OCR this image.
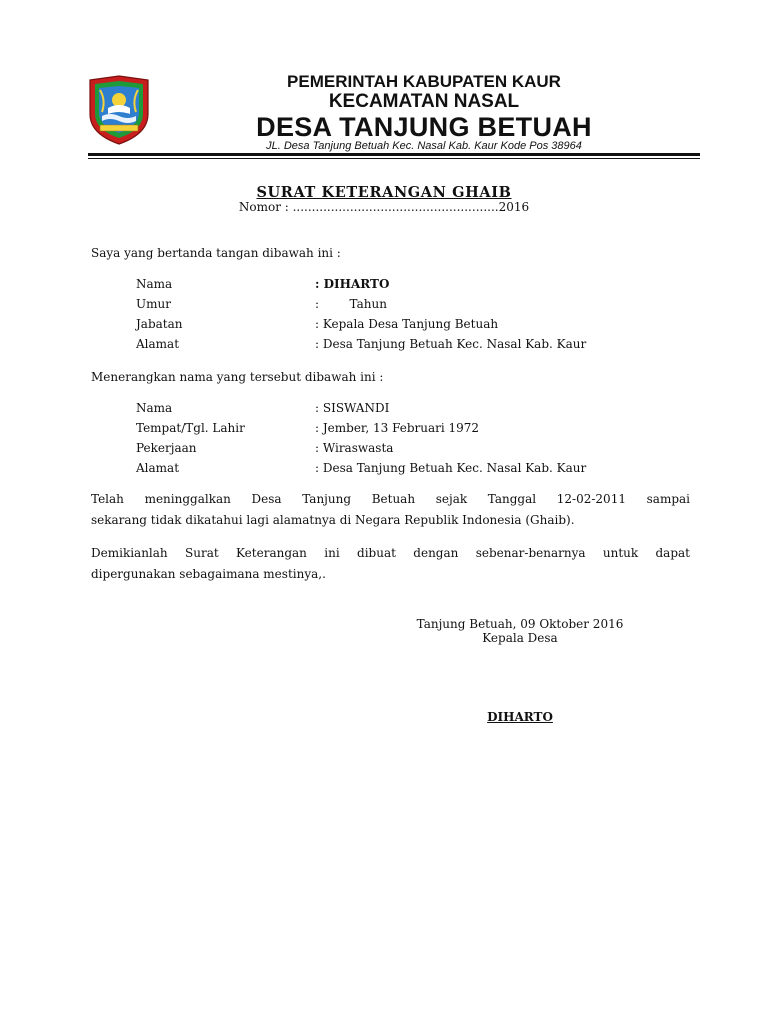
PEMERINTAH KABUPATEN KAUR
KECAMATAN NASAL
DESA TANJUNG BETUAH
JL. Desa Tanjung Betuah Kec. Nasal Kab. Kaur Kode Pos 38964
SURAT KETERANGAN GHAIB
Nomor : ......................................................2016
Saya yang bertanda tangan dibawah ini :
Nama	: DIHARTO
Umur	:        Tahun
Jabatan	: Kepala Desa Tanjung Betuah
Alamat	: Desa Tanjung Betuah Kec. Nasal Kab. Kaur
Menerangkan nama yang tersebut dibawah ini :
Nama	: SISWANDI
Tempat/Tgl. Lahir	: Jember, 13 Februari 1972
Pekerjaan	: Wiraswasta
Alamat	: Desa Tanjung Betuah Kec. Nasal Kab. Kaur
Telah meninggalkan Desa Tanjung Betuah sejak Tanggal 12-02-2011 sampai
sekarang tidak dikatahui lagi alamatnya di Negara Republik Indonesia (Ghaib).
Demikianlah Surat Keterangan ini dibuat dengan sebenar-benarnya untuk dapat
dipergunakan sebagaimana mestinya,.
Tanjung Betuah, 09 Oktober 2016
Kepala Desa
DIHARTO
